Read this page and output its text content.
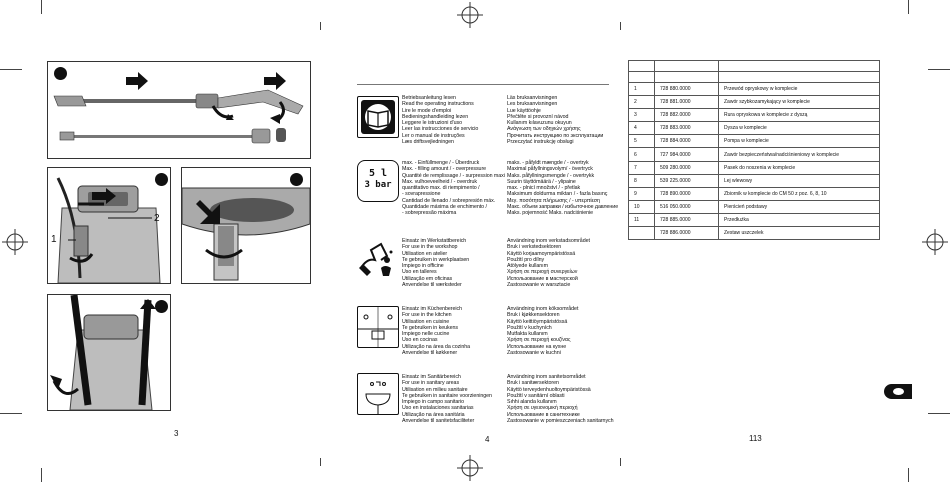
1
2
3
Betriebsanleitung lesen
Read the operating instructions
Lire le mode d'emploi
Bedieningshandleiding lezen
Leggere le istruzioni d'uso
Leer las instrucciones de servicio
Ler o manual de instruções
Læs driftsvejledningen
Läs bruksanvisningen
Les bruksanvisningen
Lue käyttöohje
Přečtěte si provozní návod
Kullanım kılavuzunu okuyun
Ανάγνωση των οδηγιών χρήσης
Прочитать инструкцию по эксплуатации
Przeczytać instrukcję obsługi
5 l
3 bar
max. - Einfüllmenge / - Überdruck
Max. - filling amount / - overpressure
Quantité de remplissage / - surpression maxi
Max. vulhoeveelheid / - overdruk
quantitativo max. di riempimento /
- sovrapressione
Cantidad de llenado / sobrepresión máx.
Quantidade máxima de enchimento /
- sobrepressão máxima
maks. - påfyldt mængde / - overtryk
Maximal påfyllningsvolym/ - övertryck
Maks. påfyllningsmengde / - overtrykk
Suurin täyttömäärä / - ylipaine
max. - plnicí množství / - přetlak
Maksimum doldurma miktarı / - fazla basınç
Μεγ. ποσότητα πλήρωσης / - υπερπίεση
Макс. объем заправки / избыточное давление
Maks. pojemność Maks. nadciśnienie
Einsatz im Werkstattbereich
For use in the workshop
Utilisation en atelier
Te gebruiken in werkplaatsen
Impiego in officine
Uso en talleres
Utilização em oficinas
Anvendelse til værksteder
Användning inom verkstadsområdet
Bruk i verkstedsektoren
Käyttö korjaamoympäristössä
Použití pro dílny
Atölyede kullanım
Χρήση σε περιοχή συνεργείων
Использование в мастерской
Zastosowanie w warsztacie
Einsatz im Küchenbereich
For use in the kitchen
Utilisation en cuisine
Te gebruiken in keukens
Impiego nelle cucine
Uso en cocinas
Utilização na área da cozinha
Anvendelse til køkkener
Användning inom köksområdet
Bruk i kjøkkensektoren
Käyttö keittiöympäristössä
Použití v kuchyních
Mutfakta kullanım
Χρήση σε περιοχή κουζίνας
Использование на кухне
Zastosowanie w kuchni
Einsatz im Sanitärbereich
For use in sanitary areas
Utilisation en milieu sanitaire
Te gebruiken in sanitaire voorzieningen
Impiego in campo sanitario
Uso en instalaciones sanitarias
Utilização na área sanitária
Anvendelse til sanitetsfaciliteter
Användning inom sanitetsområdet
Bruk i sanitærsektoren
Käyttö terveydenhuoltoympäristössä
Použití v sanitární oblasti
Sıhhi alanda kullanım
Χρήση σε υγειονομική περιοχή
Использование в санитехнике
Zastosowanie w pomieszczeniach sanitarnych
4

1	728 880.0000	Przewód opryskowy w komplecie
2	728 881.0000	Zawór szybkozamykający w komplecie
3	728 882.0000	Rura opryskowa w komplecie z dyszą
4	728 883.0000	Dysza w komplecie
5	728 884.0000	Pompa w komplecie
6	727 984.0000	Zawór bezpieczeństwa/nadciśnieniowy w komplecie
7	509 280.0000	Pasek do noszenia w komplecie
8	539 225.0000	Lej wlewowy
9	728 890.0000	Zbiornik w komplecie do CM 50 z poz. 6, 8, 10
10	516 050.0000	Pierścień podstawy
11	728 885.0000	Przedłużka
	728 886.0000	Zestaw uszczelek
113
